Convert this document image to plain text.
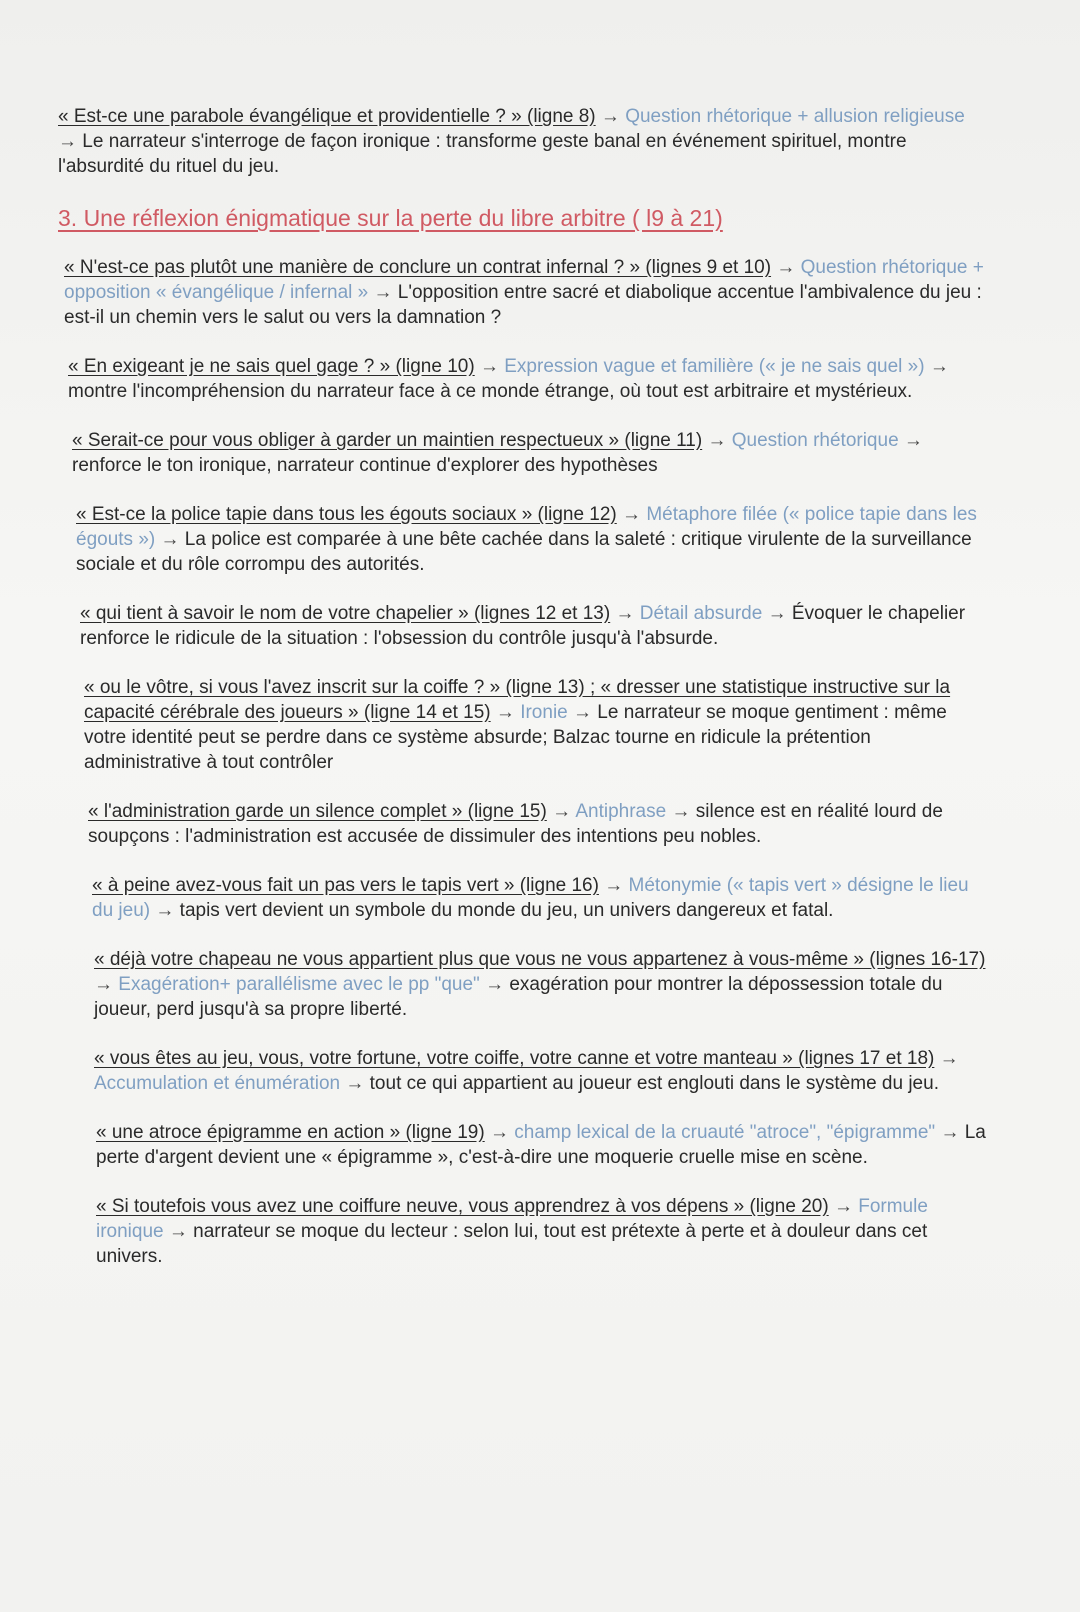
« Est-ce une parabole évangélique et providentielle ? » (ligne 8) → Question rhétorique + allusion religieuse → Le narrateur s'interroge de façon ironique : transforme geste banal en événement spirituel, montre l'absurdité du rituel du jeu.
3. Une réflexion énigmatique sur la perte du libre arbitre ( l9 à 21)
« N'est-ce pas plutôt une manière de conclure un contrat infernal ? » (lignes 9 et 10) → Question rhétorique + opposition « évangélique / infernal » → L'opposition entre sacré et diabolique accentue l'ambivalence du jeu : est-il un chemin vers le salut ou vers la damnation ?
« En exigeant je ne sais quel gage ? » (ligne 10) → Expression vague et familière (« je ne sais quel ») → montre l'incompréhension du narrateur face à ce monde étrange, où tout est arbitraire et mystérieux.
« Serait-ce pour vous obliger à garder un maintien respectueux » (ligne 11) → Question rhétorique → renforce le ton ironique, narrateur continue d'explorer des hypothèses
« Est-ce la police tapie dans tous les égouts sociaux » (ligne 12) → Métaphore filée (« police tapie dans les égouts ») → La police est comparée à une bête cachée dans la saleté : critique virulente de la surveillance sociale et du rôle corrompu des autorités.
« qui tient à savoir le nom de votre chapelier » (lignes 12 et 13) → Détail absurde → Évoquer le chapelier renforce le ridicule de la situation : l'obsession du contrôle jusqu'à l'absurde.
« ou le vôtre, si vous l'avez inscrit sur la coiffe ? » (ligne 13) ; « dresser une statistique instructive sur la capacité cérébrale des joueurs » (ligne 14 et 15) → Ironie → Le narrateur se moque gentiment : même votre identité peut se perdre dans ce système absurde; Balzac tourne en ridicule la prétention administrative à tout contrôler
« l'administration garde un silence complet » (ligne 15) → Antiphrase → silence est en réalité lourd de soupçons : l'administration est accusée de dissimuler des intentions peu nobles.
« à peine avez-vous fait un pas vers le tapis vert » (ligne 16) → Métonymie (« tapis vert » désigne le lieu du jeu) → tapis vert devient un symbole du monde du jeu, un univers dangereux et fatal.
« déjà votre chapeau ne vous appartient plus que vous ne vous appartenez à vous-même » (lignes 16-17) → Exagération+ parallélisme avec le pp "que" → exagération pour montrer la dépossession totale du joueur, perd jusqu'à sa propre liberté.
« vous êtes au jeu, vous, votre fortune, votre coiffe, votre canne et votre manteau » (lignes 17 et 18) → Accumulation et énumération → tout ce qui appartient au joueur est englouti dans le système du jeu.
« une atroce épigramme en action » (ligne 19) → champ lexical de la cruauté "atroce", "épigramme" → La perte d'argent devient une « épigramme », c'est-à-dire une moquerie cruelle mise en scène.
« Si toutefois vous avez une coiffure neuve, vous apprendrez à vos dépens » (ligne 20) → Formule ironique → narrateur se moque du lecteur : selon lui, tout est prétexte à perte et à douleur dans cet univers.
